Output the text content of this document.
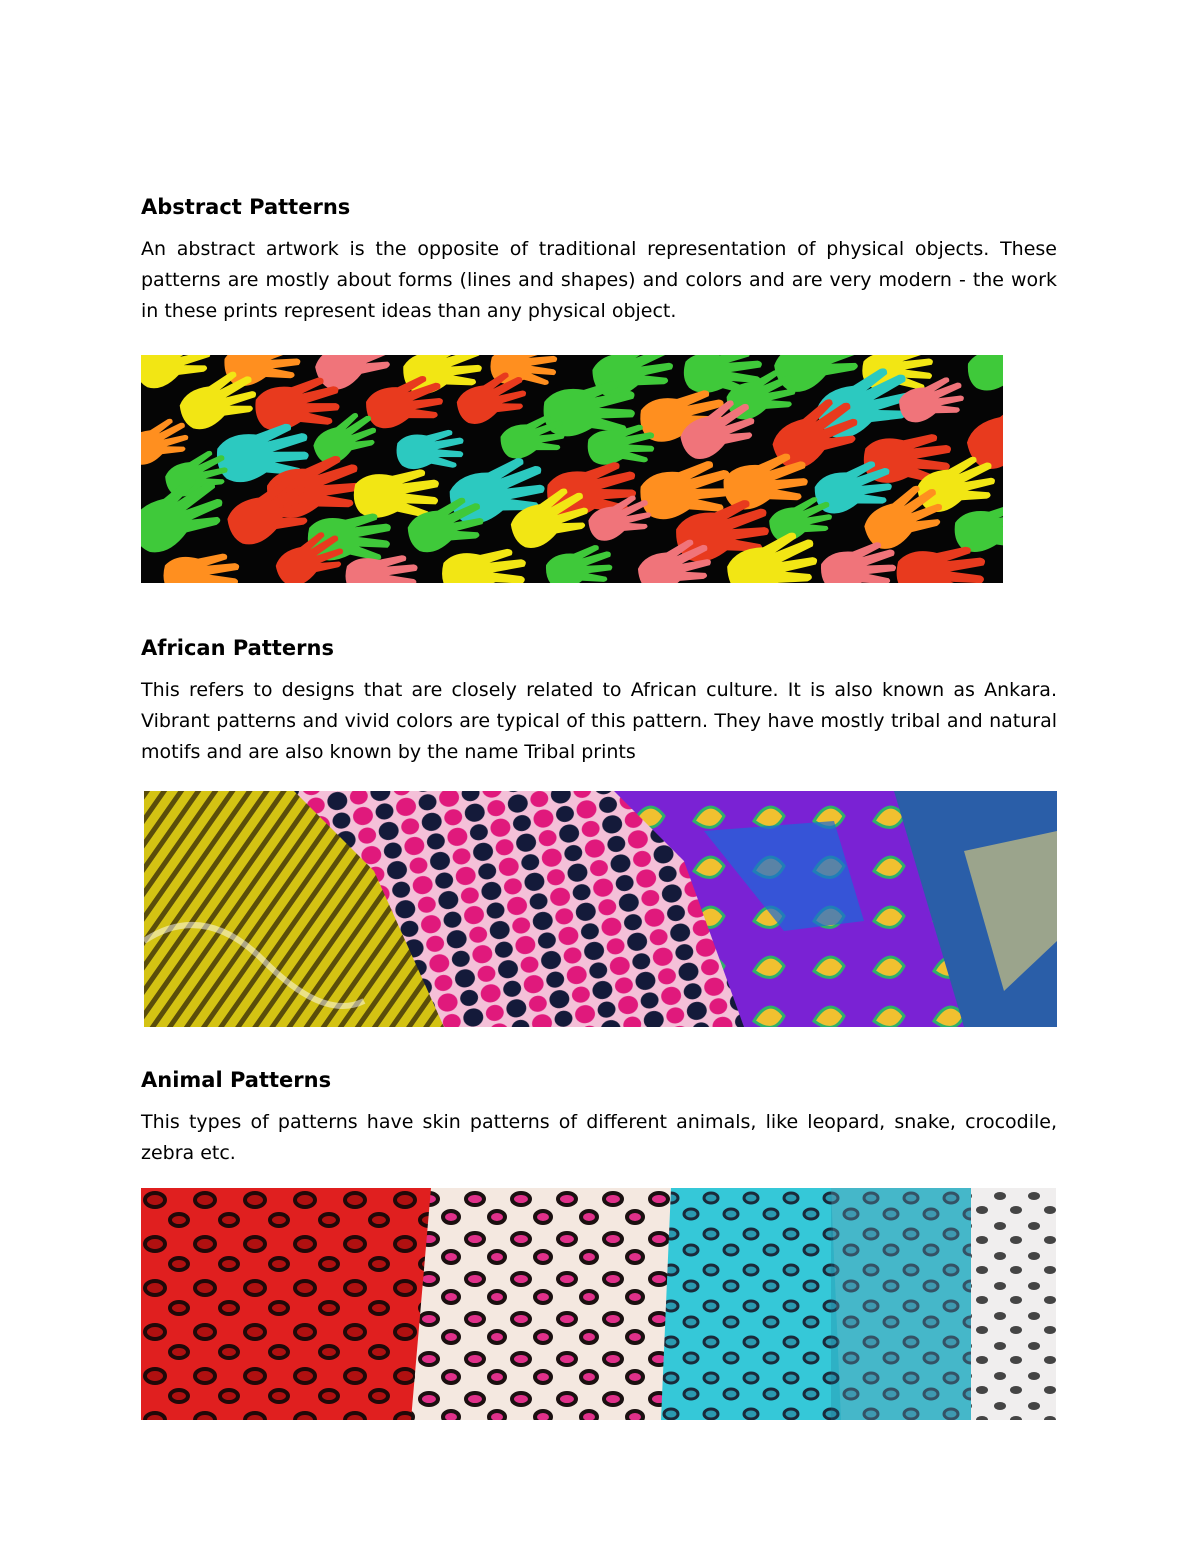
Abstract Patterns

An abstract artwork is the opposite of traditional representation of physical objects. These patterns are mostly about forms (lines and shapes) and colors and are very modern - the work in these prints represent ideas than any physical object.

African Patterns

This refers to designs that are closely related to African culture. It is also known as Ankara. Vibrant patterns and vivid colors are typical of this pattern. They have mostly tribal and natural motifs and are also known by the name Tribal prints

Animal Patterns

This types of patterns have skin patterns of different animals, like leopard, snake, crocodile, zebra etc.
